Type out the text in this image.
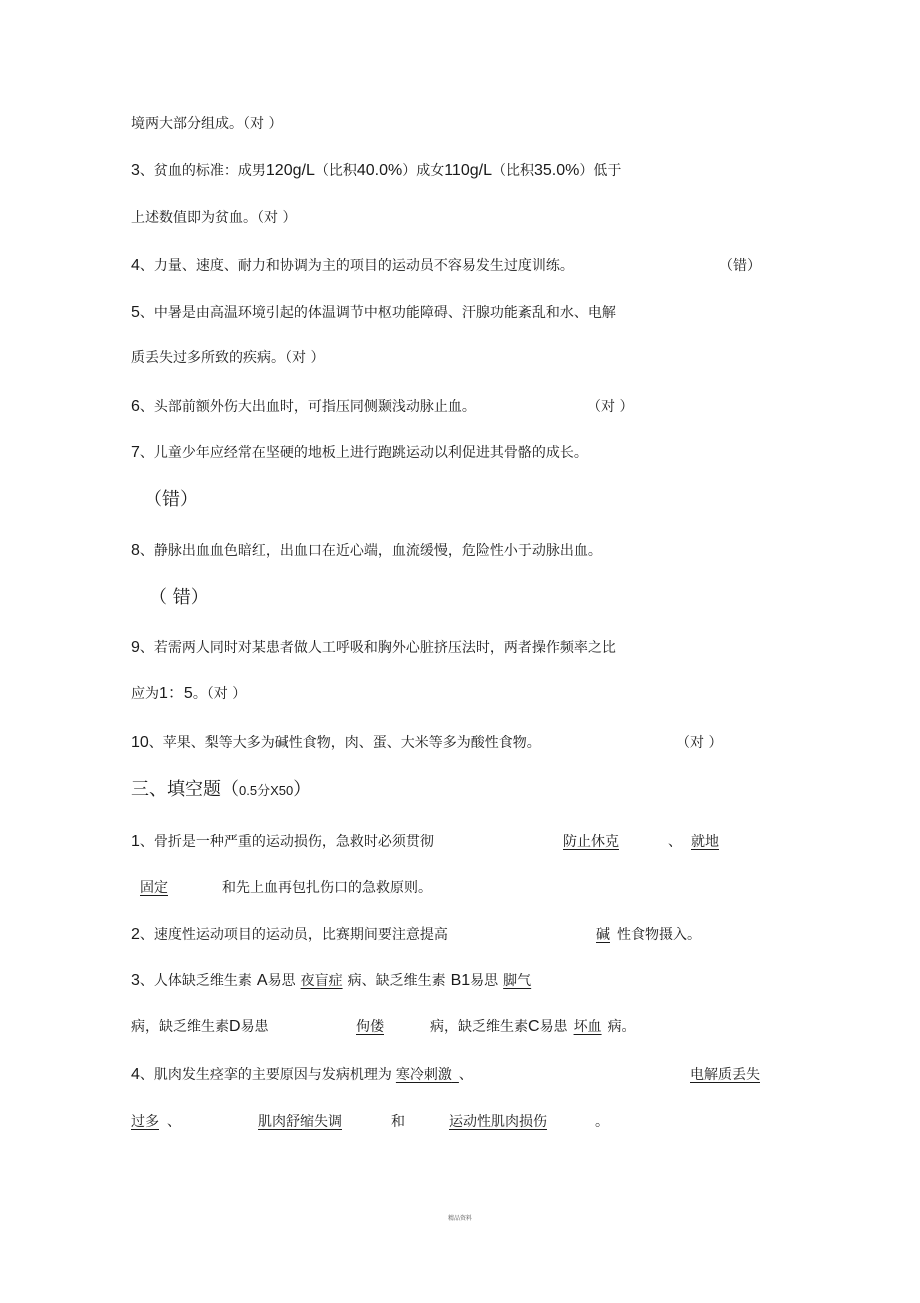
境两大部分组成。（对 ）
3、贫血的标准：成男120g/L（比积40.0%）成女110g/L（比积35.0%）低于
上述数值即为贫血。（对 ）
4、力量、速度、耐力和协调为主的项目的运动员不容易发生过度训练。	（错）
5、中暑是由高温环境引起的体温调节中枢功能障碍、汗腺功能紊乱和水、电解
质丢失过多所致的疾病。（对 ）
6、头部前额外伤大出血时，可指压同侧颞浅动脉止血。	（对 ）
7、儿童少年应经常在坚硬的地板上进行跑跳运动以利促进其骨骼的成长。
（错）
8、静脉出血血色暗红，出血口在近心端，血流缓慢，危险性小于动脉出血。
（ 错）
9、若需两人同时对某患者做人工呼吸和胸外心脏挤压法时，两者操作频率之比
应为1：5。（对 ）
10、苹果、梨等大多为碱性食物，肉、蛋、大米等多为酸性食物。	（对 ）
三、填空题（0.5分X50）
1、骨折是一种严重的运动损伤，急救时必须贯彻	防止休克	、 就地
固定	和先上血再包扎伤口的急救原则。
2、速度性运动项目的运动员，比赛期间要注意提高	碱 性食物摄入。
3、人体缺乏维生素 A易思 夜盲症 病、缺乏维生素 B1易思 脚气
病，缺乏维生素D易患	佝偻	病，缺乏维生素C易患 坏血 病。
4、肌肉发生痉挛的主要原因与发病机理为 寒冷刺激  、	电解质丢失
过多 、	肌肉舒缩失调	和	运动性肌肉损伤	。
精品资料
